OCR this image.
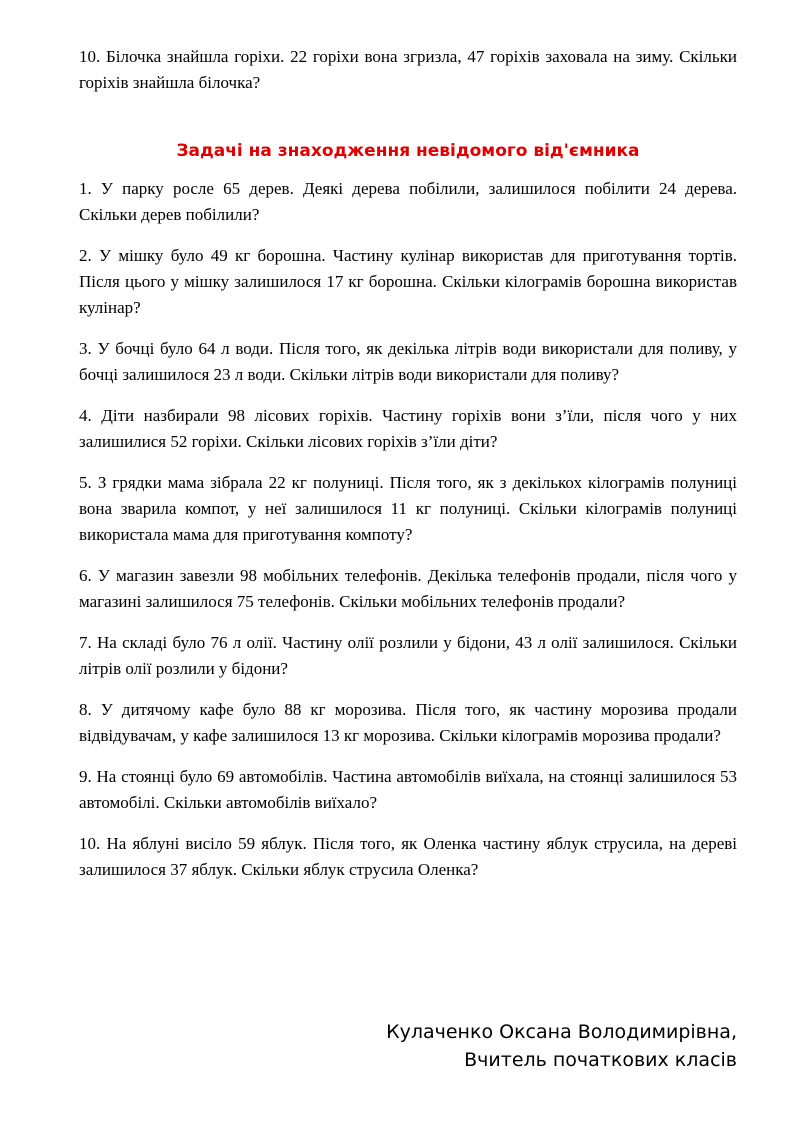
10. Білочка знайшла горіхи. 22 горіхи вона згризла, 47 горіхів заховала на зиму. Скільки горіхів знайшла білочка?

Задачі на знаходження невідомого від'ємника

1. У парку росле 65 дерев. Деякі дерева побілили, залишилося побілити 24 дерева. Скільки дерев побілили?

2. У мішку було 49 кг борошна. Частину кулінар використав для приготування тортів. Після цього у мішку залишилося 17 кг борошна. Скільки кілограмів борошна використав кулінар?

3. У бочці було 64 л води. Після того, як декілька літрів води використали для поливу, у бочці залишилося 23 л води. Скільки літрів води використали для поливу?

4. Діти назбирали 98 лісових горіхів. Частину горіхів вони з’їли, після чого у них залишилися 52 горіхи. Скільки лісових горіхів з’їли діти?

5. З грядки мама зібрала 22 кг полуниці. Після того, як з декількох кілограмів полуниці вона зварила компот, у неї залишилося 11 кг полуниці. Скільки кілограмів полуниці використала мама для приготування компоту?

6. У магазин завезли 98 мобільних телефонів. Декілька телефонів продали, після чого у магазині залишилося 75 телефонів. Скільки мобільних телефонів продали?

7. На складі було 76 л олії. Частину олії розлили у бідони, 43 л олії залишилося. Скільки літрів олії розлили у бідони?

8. У дитячому кафе було 88 кг морозива. Після того, як частину морозива продали відвідувачам, у кафе залишилося 13 кг морозива. Скільки кілограмів морозива продали?

9. На стоянці було 69 автомобілів. Частина автомобілів виїхала, на стоянці залишилося 53 автомобілі. Скільки автомобілів виїхало?

10. На яблуні висіло 59 яблук. Після того, як Оленка частину яблук струсила, на дереві залишилося 37 яблук. Скільки яблук струсила Оленка?

Кулаченко Оксана Володимирівна,
Вчитель початкових класів
